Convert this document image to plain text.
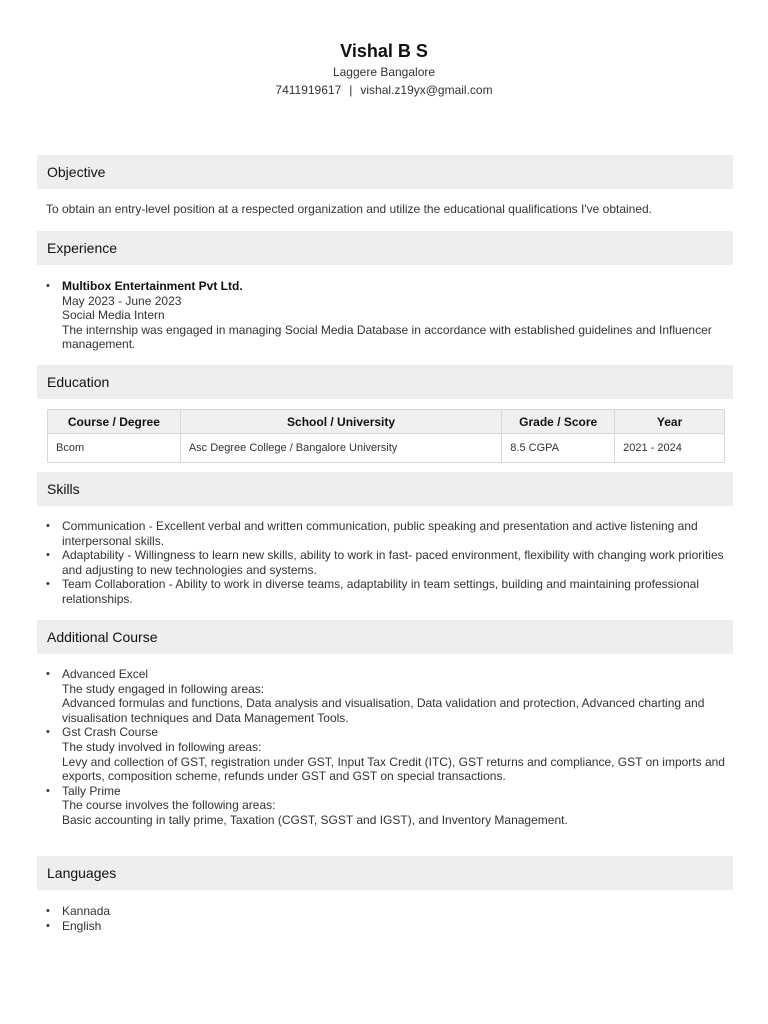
Vishal B S
Laggere Bangalore
7411919617 | vishal.z19yx@gmail.com
Objective
To obtain an entry-level position at a respected organization and utilize the educational qualifications I've obtained.
Experience
• Multibox Entertainment Pvt Ltd.
May 2023 - June 2023
Social Media Intern
The internship was engaged in managing Social Media Database in accordance with established guidelines and Influencer management.
Education
Course / Degree	School / University	Grade / Score	Year
Bcom	Asc Degree College / Bangalore University	8.5 CGPA	2021 - 2024
Skills
• Communication - Excellent verbal and written communication, public speaking and presentation and active listening and interpersonal skills.
• Adaptability - Willingness to learn new skills, ability to work in fast- paced environment, flexibility with changing work priorities and adjusting to new technologies and systems.
• Team Collaboration - Ability to work in diverse teams, adaptability in team settings, building and maintaining professional relationships.
Additional Course
• Advanced Excel
The study engaged in following areas:
Advanced formulas and functions, Data analysis and visualisation, Data validation and protection, Advanced charting and visualisation techniques and Data Management Tools.
• Gst Crash Course
The study involved in following areas:
Levy and collection of GST, registration under GST, Input Tax Credit (ITC), GST returns and compliance, GST on imports and exports, composition scheme, refunds under GST and GST on special transactions.
• Tally Prime
The course involves the following areas:
Basic accounting in tally prime, Taxation (CGST, SGST and IGST), and Inventory Management.
Languages
• Kannada
• English
